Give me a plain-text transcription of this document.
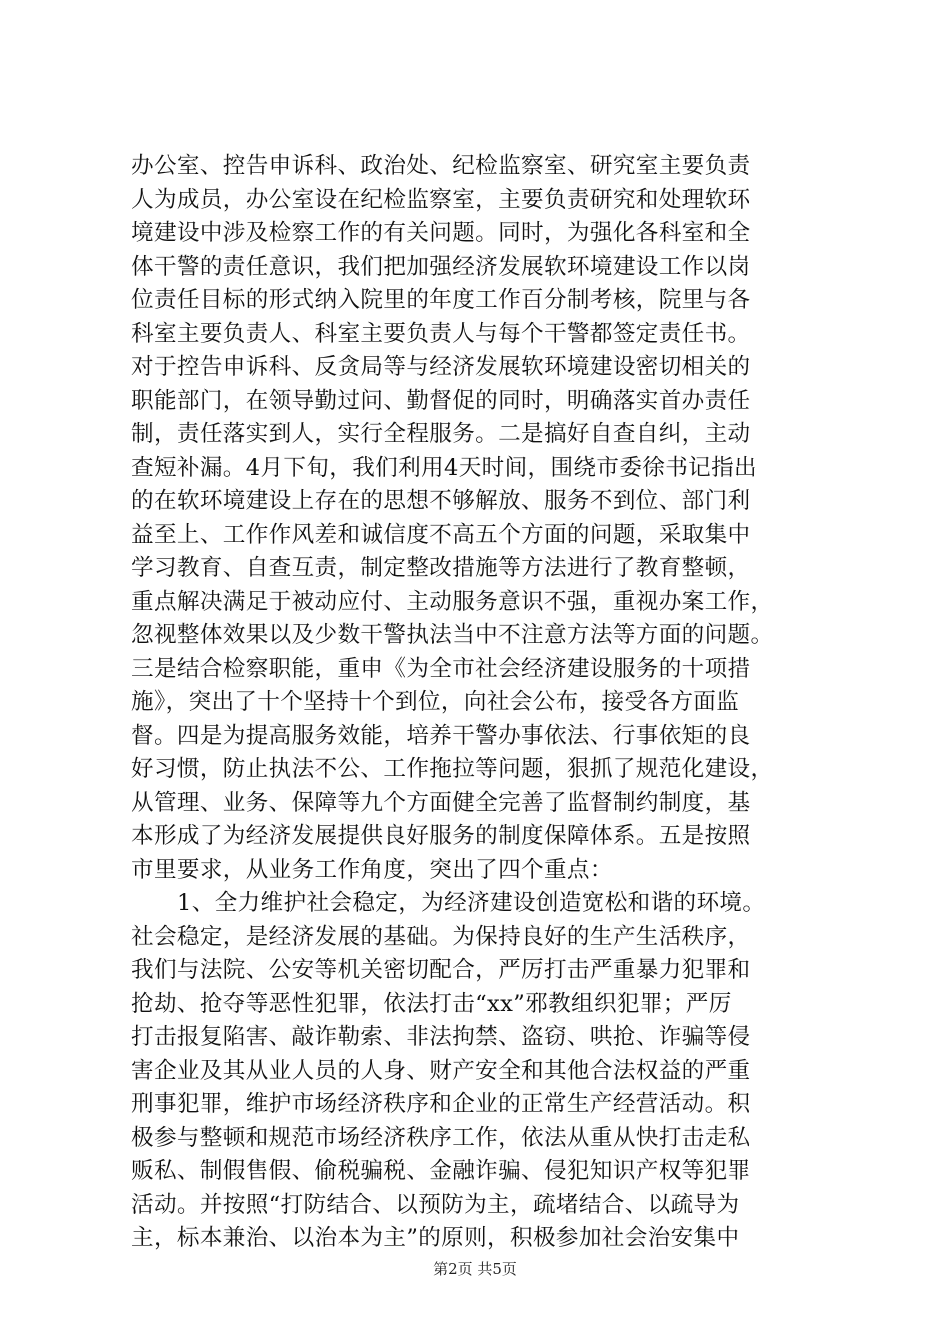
办公室、控告申诉科、政治处、纪检监察室、研究室主要负责
人为成员，办公室设在纪检监察室，主要负责研究和处理软环
境建设中涉及检察工作的有关问题。同时，为强化各科室和全
体干警的责任意识，我们把加强经济发展软环境建设工作以岗
位责任目标的形式纳入院里的年度工作百分制考核，院里与各
科室主要负责人、科室主要负责人与每个干警都签定责任书。
对于控告申诉科、反贪局等与经济发展软环境建设密切相关的
职能部门，在领导勤过问、勤督促的同时，明确落实首办责任
制，责任落实到人，实行全程服务。二是搞好自查自纠，主动
查短补漏。4月下旬，我们利用4天时间，围绕市委徐书记指出
的在软环境建设上存在的思想不够解放、服务不到位、部门利
益至上、工作作风差和诚信度不高五个方面的问题，采取集中
学习教育、自查互责，制定整改措施等方法进行了教育整顿，
重点解决满足于被动应付、主动服务意识不强，重视办案工作，
忽视整体效果以及少数干警执法当中不注意方法等方面的问题。
三是结合检察职能，重申《为全市社会经济建设服务的十项措
施》，突出了十个坚持十个到位，向社会公布，接受各方面监
督。四是为提高服务效能，培养干警办事依法、行事依矩的良
好习惯，防止执法不公、工作拖拉等问题，狠抓了规范化建设，
从管理、业务、保障等九个方面健全完善了监督制约制度，基
本形成了为经济发展提供良好服务的制度保障体系。五是按照
市里要求，从业务工作角度，突出了四个重点：
1、全力维护社会稳定，为经济建设创造宽松和谐的环境。
社会稳定，是经济发展的基础。为保持良好的生产生活秩序，
我们与法院、公安等机关密切配合，严厉打击严重暴力犯罪和
抢劫、抢夺等恶性犯罪，依法打击“xx”邪教组织犯罪；严厉
打击报复陷害、敲诈勒索、非法拘禁、盗窃、哄抢、诈骗等侵
害企业及其从业人员的人身、财产安全和其他合法权益的严重
刑事犯罪，维护市场经济秩序和企业的正常生产经营活动。积
极参与整顿和规范市场经济秩序工作，依法从重从快打击走私
贩私、制假售假、偷税骗税、金融诈骗、侵犯知识产权等犯罪
活动。并按照“打防结合、以预防为主，疏堵结合、以疏导为
主，标本兼治、以治本为主”的原则，积极参加社会治安集中
第2页 共5页
